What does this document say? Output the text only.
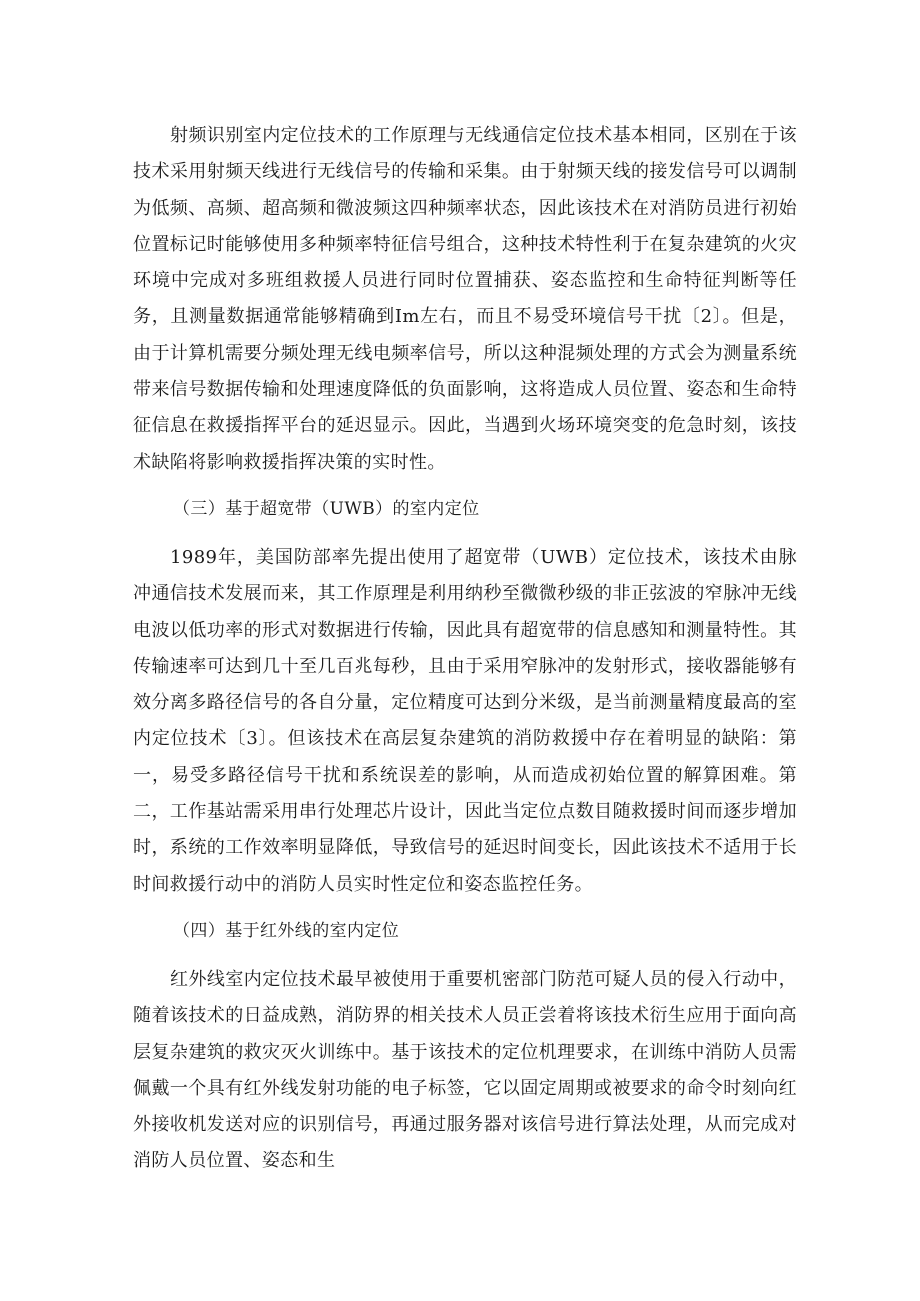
射频识别室内定位技术的工作原理与无线通信定位技术基本相同，区别在于该技术采用射频天线进行无线信号的传输和采集。由于射频天线的接发信号可以调制为低频、高频、超高频和微波频这四种频率状态，因此该技术在对消防员进行初始位置标记时能够使用多种频率特征信号组合，这种技术特性利于在复杂建筑的火灾环境中完成对多班组救援人员进行同时位置捕获、姿态监控和生命特征判断等任务，且测量数据通常能够精确到Im左右，而且不易受环境信号干扰〔2〕。但是，由于计算机需要分频处理无线电频率信号，所以这种混频处理的方式会为测量系统带来信号数据传输和处理速度降低的负面影响，这将造成人员位置、姿态和生命特征信息在救援指挥平台的延迟显示。因此，当遇到火场环境突变的危急时刻，该技术缺陷将影响救援指挥决策的实时性。

（三）基于超宽带（UWB）的室内定位

1989年，美国防部率先提出使用了超宽带（UWB）定位技术，该技术由脉冲通信技术发展而来，其工作原理是利用纳秒至微微秒级的非正弦波的窄脉冲无线电波以低功率的形式对数据进行传输，因此具有超宽带的信息感知和测量特性。其传输速率可达到几十至几百兆每秒，且由于采用窄脉冲的发射形式，接收器能够有效分离多路径信号的各自分量，定位精度可达到分米级，是当前测量精度最高的室内定位技术〔3〕。但该技术在高层复杂建筑的消防救援中存在着明显的缺陷：第一，易受多路径信号干扰和系统误差的影响，从而造成初始位置的解算困难。第二，工作基站需采用串行处理芯片设计，因此当定位点数目随救援时间而逐步增加时，系统的工作效率明显降低，导致信号的延迟时间变长，因此该技术不适用于长时间救援行动中的消防人员实时性定位和姿态监控任务。

（四）基于红外线的室内定位

红外线室内定位技术最早被使用于重要机密部门防范可疑人员的侵入行动中，随着该技术的日益成熟，消防界的相关技术人员正尝着将该技术衍生应用于面向高层复杂建筑的救灾灭火训练中。基于该技术的定位机理要求，在训练中消防人员需佩戴一个具有红外线发射功能的电子标签，它以固定周期或被要求的命令时刻向红外接收机发送对应的识别信号，再通过服务器对该信号进行算法处理，从而完成对消防人员位置、姿态和生
